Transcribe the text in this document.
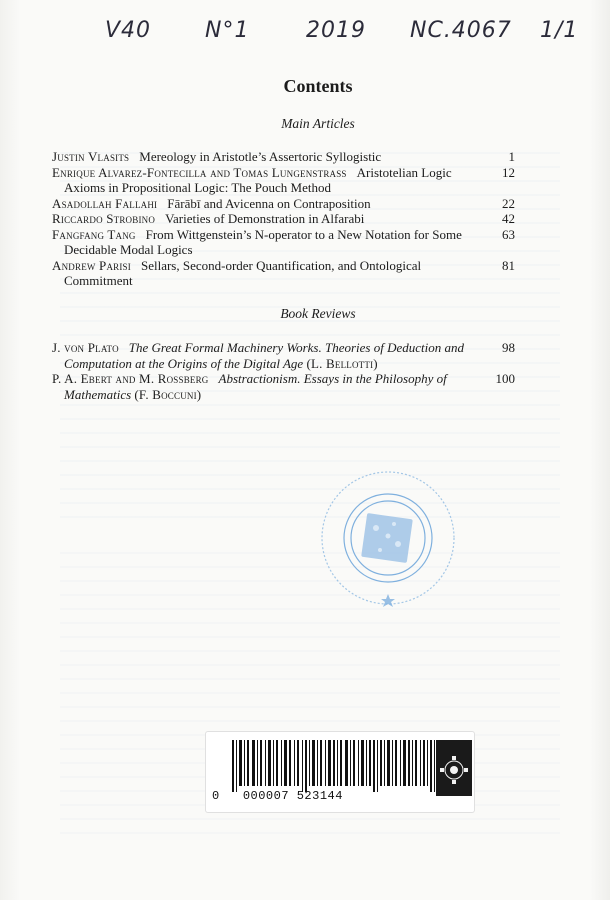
V40 N°1	2019 NC.4067 1/1
Contents
Main Articles
Justin Vlasits Mereology in Aristotle’s Assertoric Syllogistic	1
Enrique Alvarez-Fontecilla and Tomas Lungenstrass Aristotelian Logic Axioms in Propositional Logic: The Pouch Method
12
Asadollah Fallahi Fārābī and Avicenna on Contraposition	22
Riccardo Strobino Varieties of Demonstration in Alfarabi	42
Fangfang Tang From Wittgenstein’s N-operator to a New Notation for Some Decidable Modal Logics
63
Andrew Parisi Sellars, Second-order Quantification, and Ontological Commitment
81
Book Reviews
J. von Plato The Great Formal Machinery Works. Theories of Deduction and Computation at the Origins of the Digital Age (L. Bellotti)
98
P. A. Ebert and M. Rossberg Abstractionism. Essays in the Philosophy of Mathematics (F. Boccuni)
100
0 000007 523144
